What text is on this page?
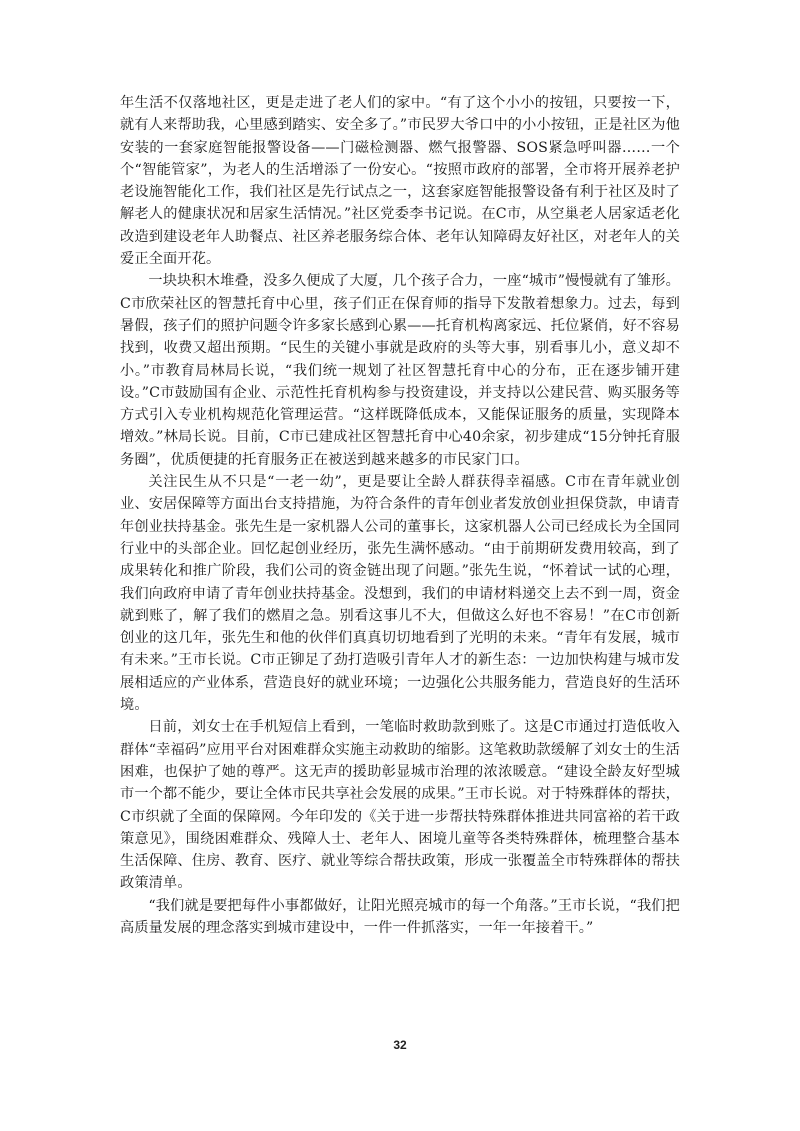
年生活不仅落地社区，更是走进了老人们的家中。“有了这个小小的按钮，只要按一下，就有人来帮助我，心里感到踏实、安全多了。”市民罗大爷口中的小小按钮，正是社区为他安装的一套家庭智能报警设备——门磁检测器、燃气报警器、SOS紧急呼叫器……一个个“智能管家”，为老人的生活增添了一份安心。“按照市政府的部署，全市将开展养老护老设施智能化工作，我们社区是先行试点之一，这套家庭智能报警设备有利于社区及时了解老人的健康状况和居家生活情况。”社区党委李书记说。在C市，从空巢老人居家适老化改造到建设老年人助餐点、社区养老服务综合体、老年认知障碍友好社区，对老年人的关爱正全面开花。

一块块积木堆叠，没多久便成了大厦，几个孩子合力，一座“城市”慢慢就有了雏形。C市欣荣社区的智慧托育中心里，孩子们正在保育师的指导下发散着想象力。过去，每到暑假，孩子们的照护问题令许多家长感到心累——托育机构离家远、托位紧俏，好不容易找到，收费又超出预期。“民生的关键小事就是政府的头等大事，别看事儿小，意义却不小。”市教育局林局长说，“我们统一规划了社区智慧托育中心的分布，正在逐步铺开建设。”C市鼓励国有企业、示范性托育机构参与投资建设，并支持以公建民营、购买服务等方式引入专业机构规范化管理运营。“这样既降低成本，又能保证服务的质量，实现降本增效。”林局长说。目前，C市已建成社区智慧托育中心40余家，初步建成“15分钟托育服务圈”，优质便捷的托育服务正在被送到越来越多的市民家门口。

关注民生从不只是“一老一幼”，更是要让全龄人群获得幸福感。C市在青年就业创业、安居保障等方面出台支持措施，为符合条件的青年创业者发放创业担保贷款，申请青年创业扶持基金。张先生是一家机器人公司的董事长，这家机器人公司已经成长为全国同行业中的头部企业。回忆起创业经历，张先生满怀感动。“由于前期研发费用较高，到了成果转化和推广阶段，我们公司的资金链出现了问题。”张先生说，“怀着试一试的心理，我们向政府申请了青年创业扶持基金。没想到，我们的申请材料递交上去不到一周，资金就到账了，解了我们的燃眉之急。别看这事儿不大，但做这么好也不容易！”在C市创新创业的这几年，张先生和他的伙伴们真真切切地看到了光明的未来。“青年有发展，城市有未来。”王市长说。C市正铆足了劲打造吸引青年人才的新生态：一边加快构建与城市发展相适应的产业体系，营造良好的就业环境；一边强化公共服务能力，营造良好的生活环境。

日前，刘女士在手机短信上看到，一笔临时救助款到账了。这是C市通过打造低收入群体“幸福码”应用平台对困难群众实施主动救助的缩影。这笔救助款缓解了刘女士的生活困难，也保护了她的尊严。这无声的援助彰显城市治理的浓浓暖意。“建设全龄友好型城市一个都不能少，要让全体市民共享社会发展的成果。”王市长说。对于特殊群体的帮扶，C市织就了全面的保障网。今年印发的《关于进一步帮扶特殊群体推进共同富裕的若干政策意见》，围绕困难群众、残障人士、老年人、困境儿童等各类特殊群体，梳理整合基本生活保障、住房、教育、医疗、就业等综合帮扶政策，形成一张覆盖全市特殊群体的帮扶政策清单。

“我们就是要把每件小事都做好，让阳光照亮城市的每一个角落。”王市长说，“我们把高质量发展的理念落实到城市建设中，一件一件抓落实，一年一年接着干。”

32
